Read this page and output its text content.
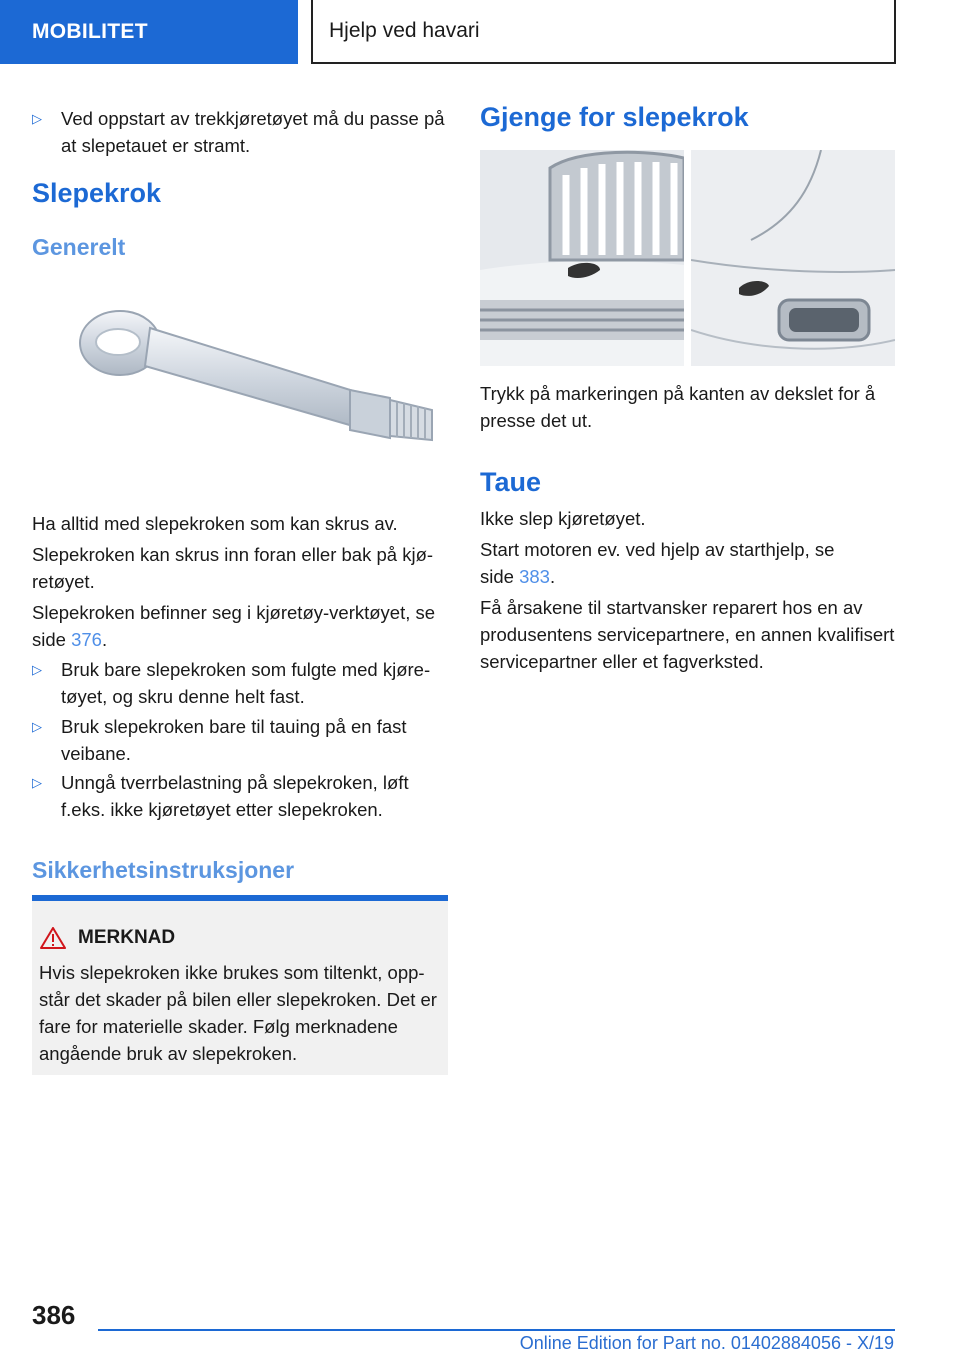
MOBILITET	Hjelp ved havari
▷	Ved oppstart av trekkjøretøyet må du passe på at slepetauet er stramt.
Slepekrok
Generelt

Ha alltid med slepekroken som kan skrus av.

Slepekroken kan skrus inn foran eller bak på kjøretøyet.

Slepekroken befinner seg i kjøretøy-verktøyet, se side 376.

▷	Bruk bare slepekroken som fulgte med kjøretøyet, og skru denne helt fast.
▷	Bruk slepekroken bare til tauing på en fast veibane.
▷	Unngå tverrbelastning på slepekroken, løft f.eks. ikke kjøretøyet etter slepekroken.
Sikkerhetsinstruksjoner
MERKNAD
Hvis slepekroken ikke brukes som tiltenkt, oppstår det skader på bilen eller slepekroken. Det er fare for materielle skader. Følg merknadene angående bruk av slepekroken.
Gjenge for slepekrok

Trykk på markeringen på kanten av dekslet for å presse det ut.

Taue

Ikke slep kjøretøyet.

Start motoren ev. ved hjelp av starthjelp, se side 383.

Få årsakene til startvansker reparert hos en av produsentens servicepartnere, en annen kvalifisert servicepartner eller et fagverksted.

386
Online Edition for Part no. 01402884056 - X/19
